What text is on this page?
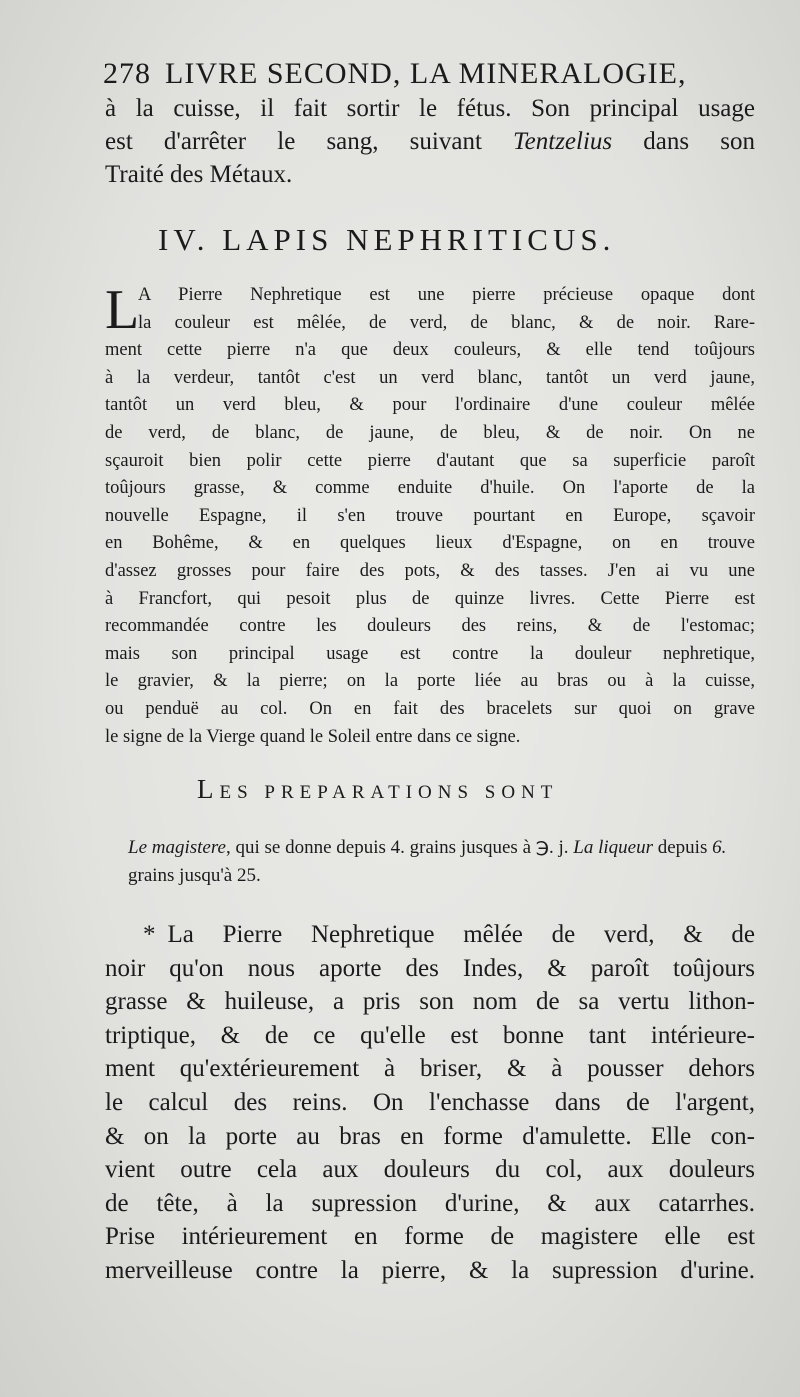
278 LIVRE SECOND, LA MINERALOGIE,
à la cuisse, il fait sortir le fétus. Son principal usage
est d'arrêter le sang, suivant Tentzelius dans son
Traité des Métaux.
IV. LAPIS NEPHRITICUS.
L
A Pierre Nephretique est une pierre précieuse opaque dont
la couleur est mêlée, de verd, de blanc, & de noir. Rare-
ment cette pierre n'a que deux couleurs, & elle tend toûjours
à la verdeur, tantôt c'est un verd blanc, tantôt un verd jaune,
tantôt un verd bleu, & pour l'ordinaire d'une couleur mêlée
de verd, de blanc, de jaune, de bleu, & de noir. On ne
sçauroit bien polir cette pierre d'autant que sa superficie paroît
toûjours grasse, & comme enduite d'huile. On l'aporte de la
nouvelle Espagne, il s'en trouve pourtant en Europe, sçavoir
en Bohême, & en quelques lieux d'Espagne, on en trouve
d'assez grosses pour faire des pots, & des tasses. J'en ai vu une
à Francfort, qui pesoit plus de quinze livres. Cette Pierre est
recommandée contre les douleurs des reins, & de l'estomac;
mais son principal usage est contre la douleur nephretique,
le gravier, & la pierre; on la porte liée au bras ou à la cuisse,
ou penduë au col. On en fait des bracelets sur quoi on grave
le signe de la Vierge quand le Soleil entre dans ce signe.
LES PREPARATIONS SONT
Le magistere, qui se donne depuis 4. grains jusques à ℈. j. La liqueur depuis 6. grains jusqu'à 25.
* La Pierre Nephretique mêlée de verd, & de
noir qu'on nous aporte des Indes, & paroît toûjours
grasse & huileuse, a pris son nom de sa vertu lithon-
triptique, & de ce qu'elle est bonne tant intérieure-
ment qu'extérieurement à briser, & à pousser dehors
le calcul des reins. On l'enchasse dans de l'argent,
& on la porte au bras en forme d'amulette. Elle con-
vient outre cela aux douleurs du col, aux douleurs
de tête, à la supression d'urine, & aux catarrhes.
Prise intérieurement en forme de magistere elle est
merveilleuse contre la pierre, & la supression d'urine.
